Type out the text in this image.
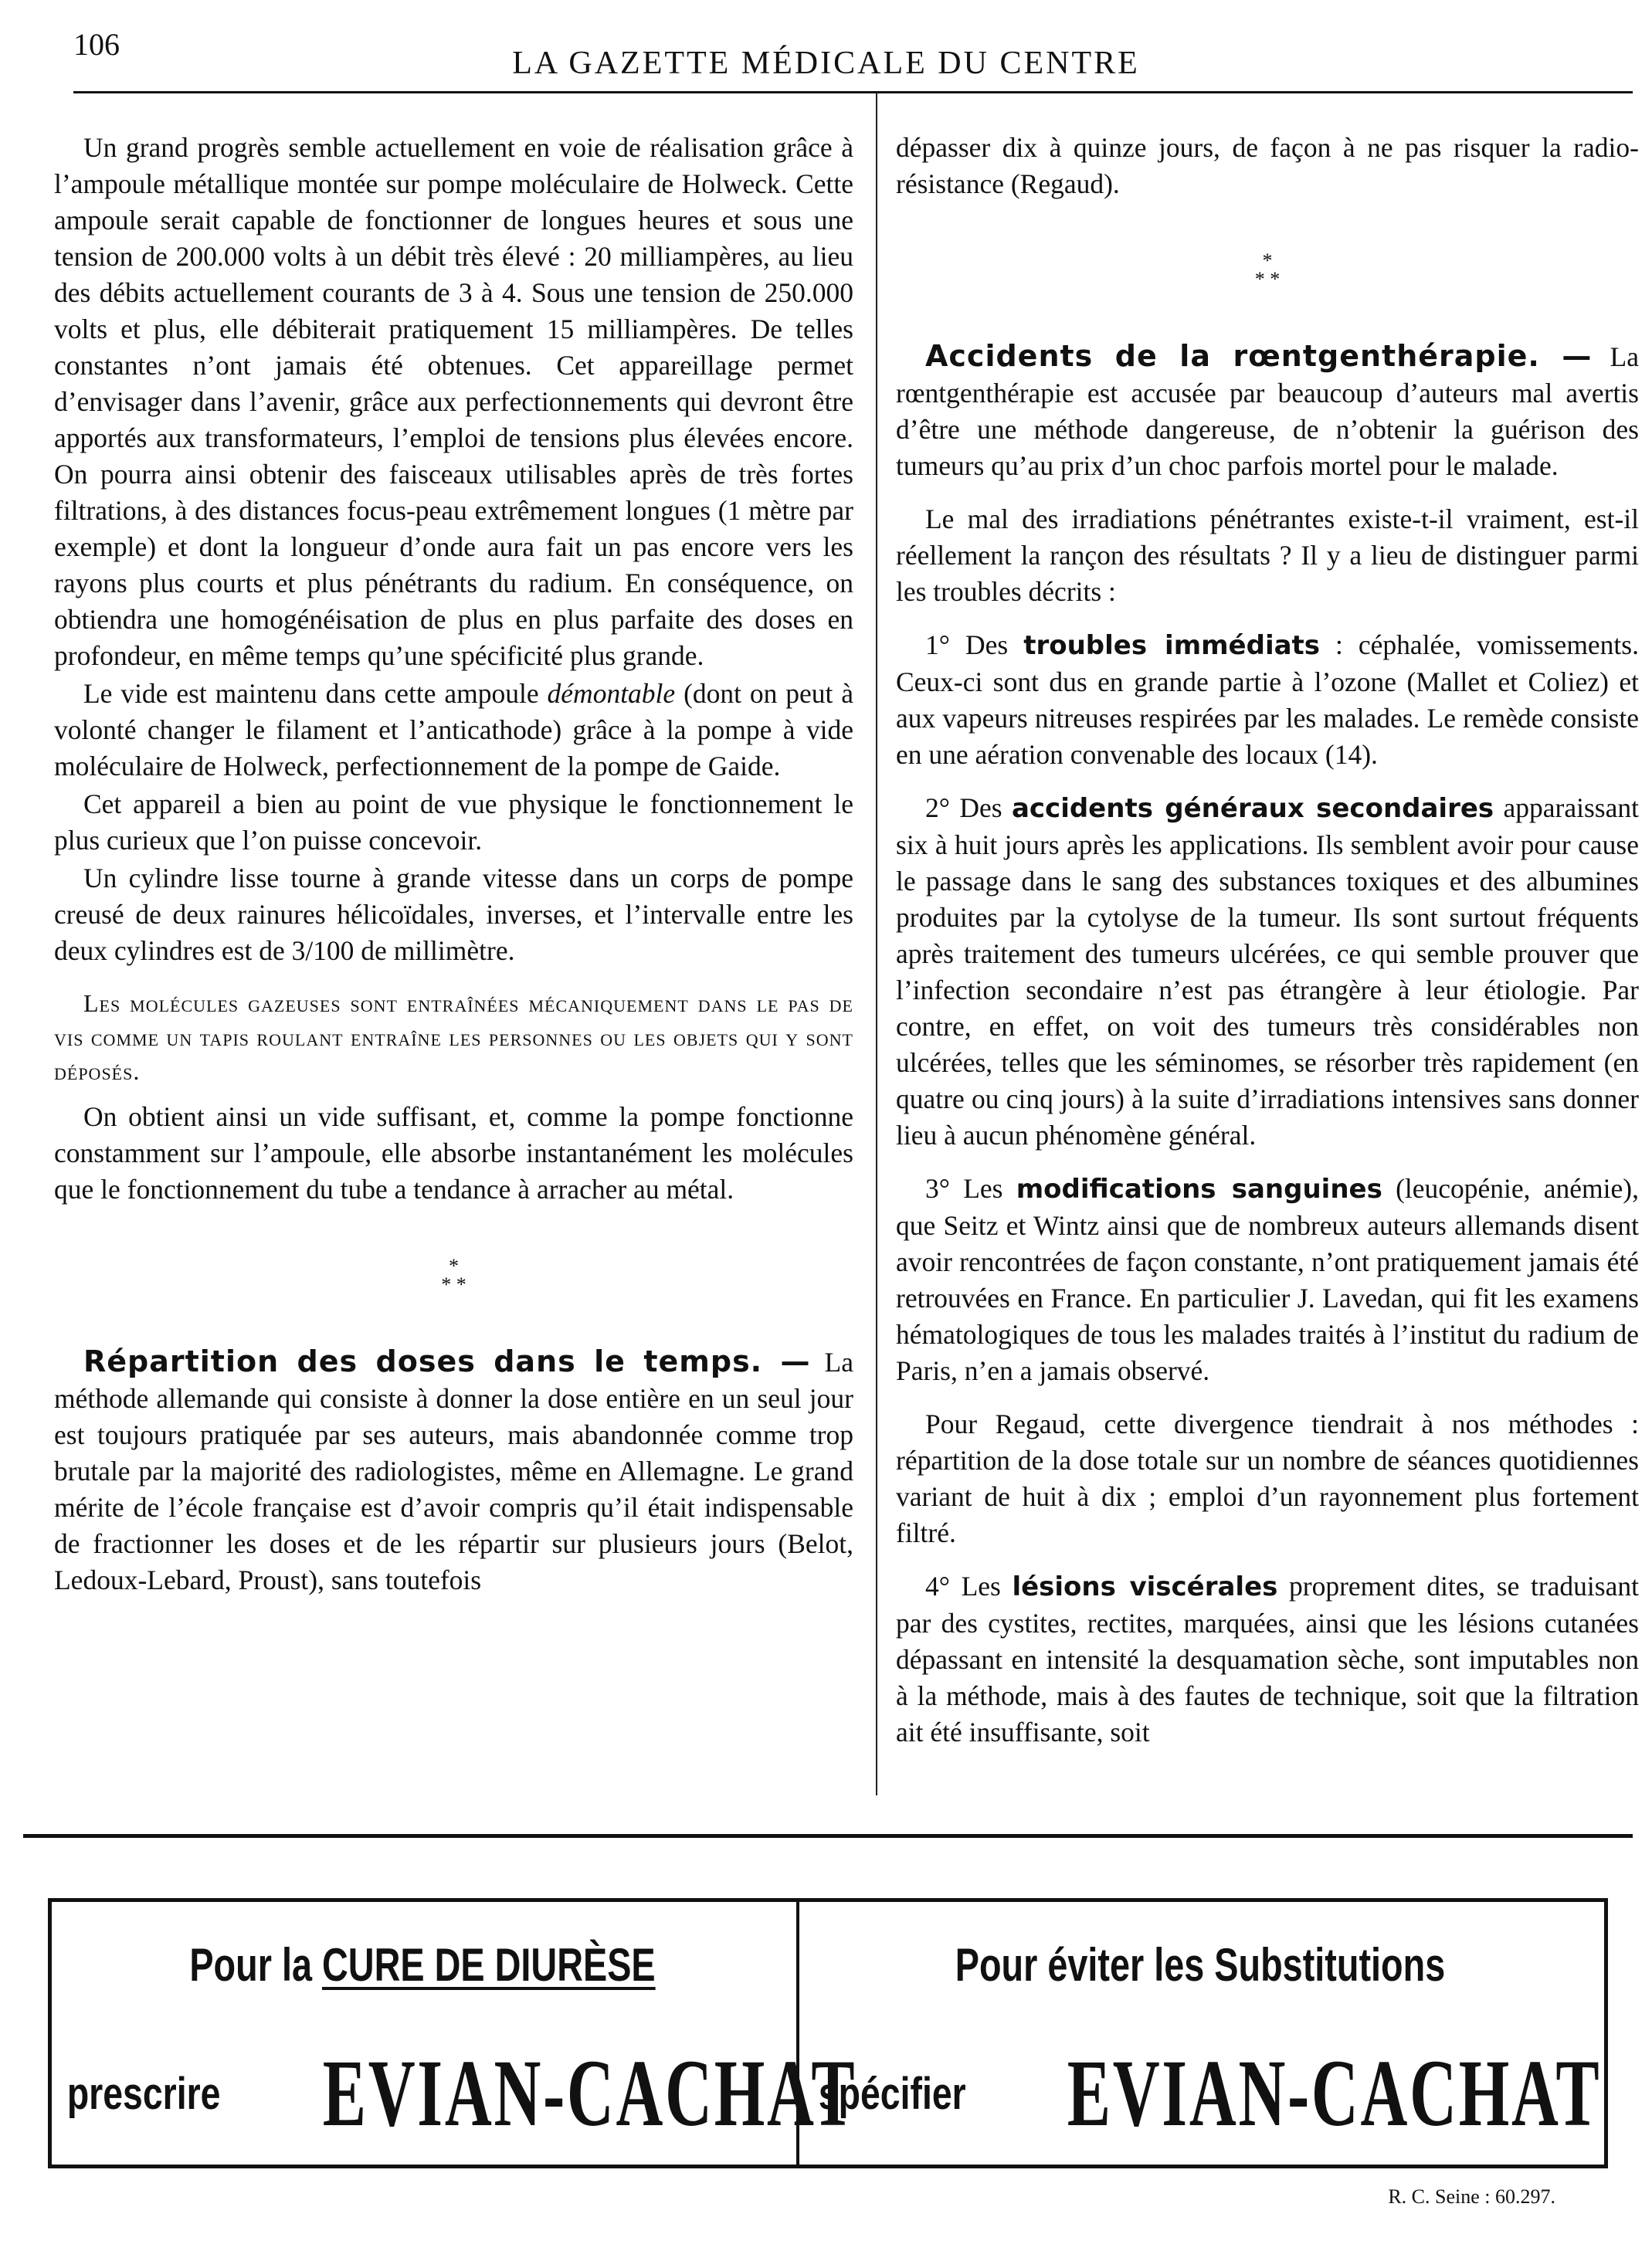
106
LA GAZETTE MÉDICALE DU CENTRE

Un grand progrès semble actuellement en voie de réalisation grâce à l’ampoule métallique montée sur pompe moléculaire de Holweck. Cette ampoule serait capable de fonctionner de longues heures et sous une tension de 200.000 volts à un débit très élevé : 20 milliampères, au lieu des débits actuellement courants de 3 à 4. Sous une tension de 250.000 volts et plus, elle débiterait pratiquement 15 milliampères. De telles constantes n’ont jamais été obtenues. Cet appareillage permet d’envisager dans l’avenir, grâce aux perfectionnements qui devront être apportés aux transformateurs, l’emploi de tensions plus élevées encore. On pourra ainsi obtenir des faisceaux utilisables après de très fortes filtrations, à des distances focus-peau extrêmement longues (1 mètre par exemple) et dont la longueur d’onde aura fait un pas encore vers les rayons plus courts et plus pénétrants du radium. En conséquence, on obtiendra une homogénéisation de plus en plus parfaite des doses en profondeur, en même temps qu’une spécificité plus grande.

Le vide est maintenu dans cette ampoule démontable (dont on peut à volonté changer le filament et l’anticathode) grâce à la pompe à vide moléculaire de Holweck, perfectionnement de la pompe de Gaide.

Cet appareil a bien au point de vue physique le fonctionnement le plus curieux que l’on puisse concevoir.

Un cylindre lisse tourne à grande vitesse dans un corps de pompe creusé de deux rainures hélicoïdales, inverses, et l’intervalle entre les deux cylindres est de 3/100 de millimètre.

Les molécules gazeuses sont entraînées mécaniquement dans le pas de vis comme un tapis roulant entraîne les personnes ou les objets qui y sont déposés.

On obtient ainsi un vide suffisant, et, comme la pompe fonctionne constamment sur l’ampoule, elle absorbe instantanément les molécules que le fonctionnement du tube a tendance à arracher au métal.

*
* *

Répartition des doses dans le temps. — La méthode allemande qui consiste à donner la dose entière en un seul jour est toujours pratiquée par ses auteurs, mais abandonnée comme trop brutale par la majorité des radiologistes, même en Allemagne. Le grand mérite de l’école française est d’avoir compris qu’il était indispensable de fractionner les doses et de les répartir sur plusieurs jours (Belot, Ledoux-Lebard, Proust), sans toutefois

dépasser dix à quinze jours, de façon à ne pas risquer la radio-résistance (Regaud).

*
* *

Accidents de la rœntgenthérapie. — La rœntgenthérapie est accusée par beaucoup d’auteurs mal avertis d’être une méthode dangereuse, de n’obtenir la guérison des tumeurs qu’au prix d’un choc parfois mortel pour le malade.

Le mal des irradiations pénétrantes existe-t-il vraiment, est-il réellement la rançon des résultats ? Il y a lieu de distinguer parmi les troubles décrits :

1° Des troubles immédiats : céphalée, vomissements. Ceux-ci sont dus en grande partie à l’ozone (Mallet et Coliez) et aux vapeurs nitreuses respirées par les malades. Le remède consiste en une aération convenable des locaux (14).

2° Des accidents généraux secondaires apparaissant six à huit jours après les applications. Ils semblent avoir pour cause le passage dans le sang des substances toxiques et des albumines produites par la cytolyse de la tumeur. Ils sont surtout fréquents après traitement des tumeurs ulcérées, ce qui semble prouver que l’infection secondaire n’est pas étrangère à leur étiologie. Par contre, en effet, on voit des tumeurs très considérables non ulcérées, telles que les séminomes, se résorber très rapidement (en quatre ou cinq jours) à la suite d’irradiations intensives sans donner lieu à aucun phénomène général.

3° Les modifications sanguines (leucopénie, anémie), que Seitz et Wintz ainsi que de nombreux auteurs allemands disent avoir rencontrées de façon constante, n’ont pratiquement jamais été retrouvées en France. En particulier J. Lavedan, qui fit les examens hématologiques de tous les malades traités à l’institut du radium de Paris, n’en a jamais observé.

Pour Regaud, cette divergence tiendrait à nos méthodes : répartition de la dose totale sur un nombre de séances quotidiennes variant de huit à dix ; emploi d’un rayonnement plus fortement filtré.

4° Les lésions viscérales proprement dites, se traduisant par des cystites, rectites, marquées, ainsi que les lésions cutanées dépassant en intensité la desquamation sèche, sont imputables non à la méthode, mais à des fautes de technique, soit que la filtration ait été insuffisante, soit

Pour la CURE DE DIURÈSE
prescrire EVIAN-CACHAT
Pour éviter les Substitutions
spécifier EVIAN-CACHAT
R. C. Seine : 60.297.
